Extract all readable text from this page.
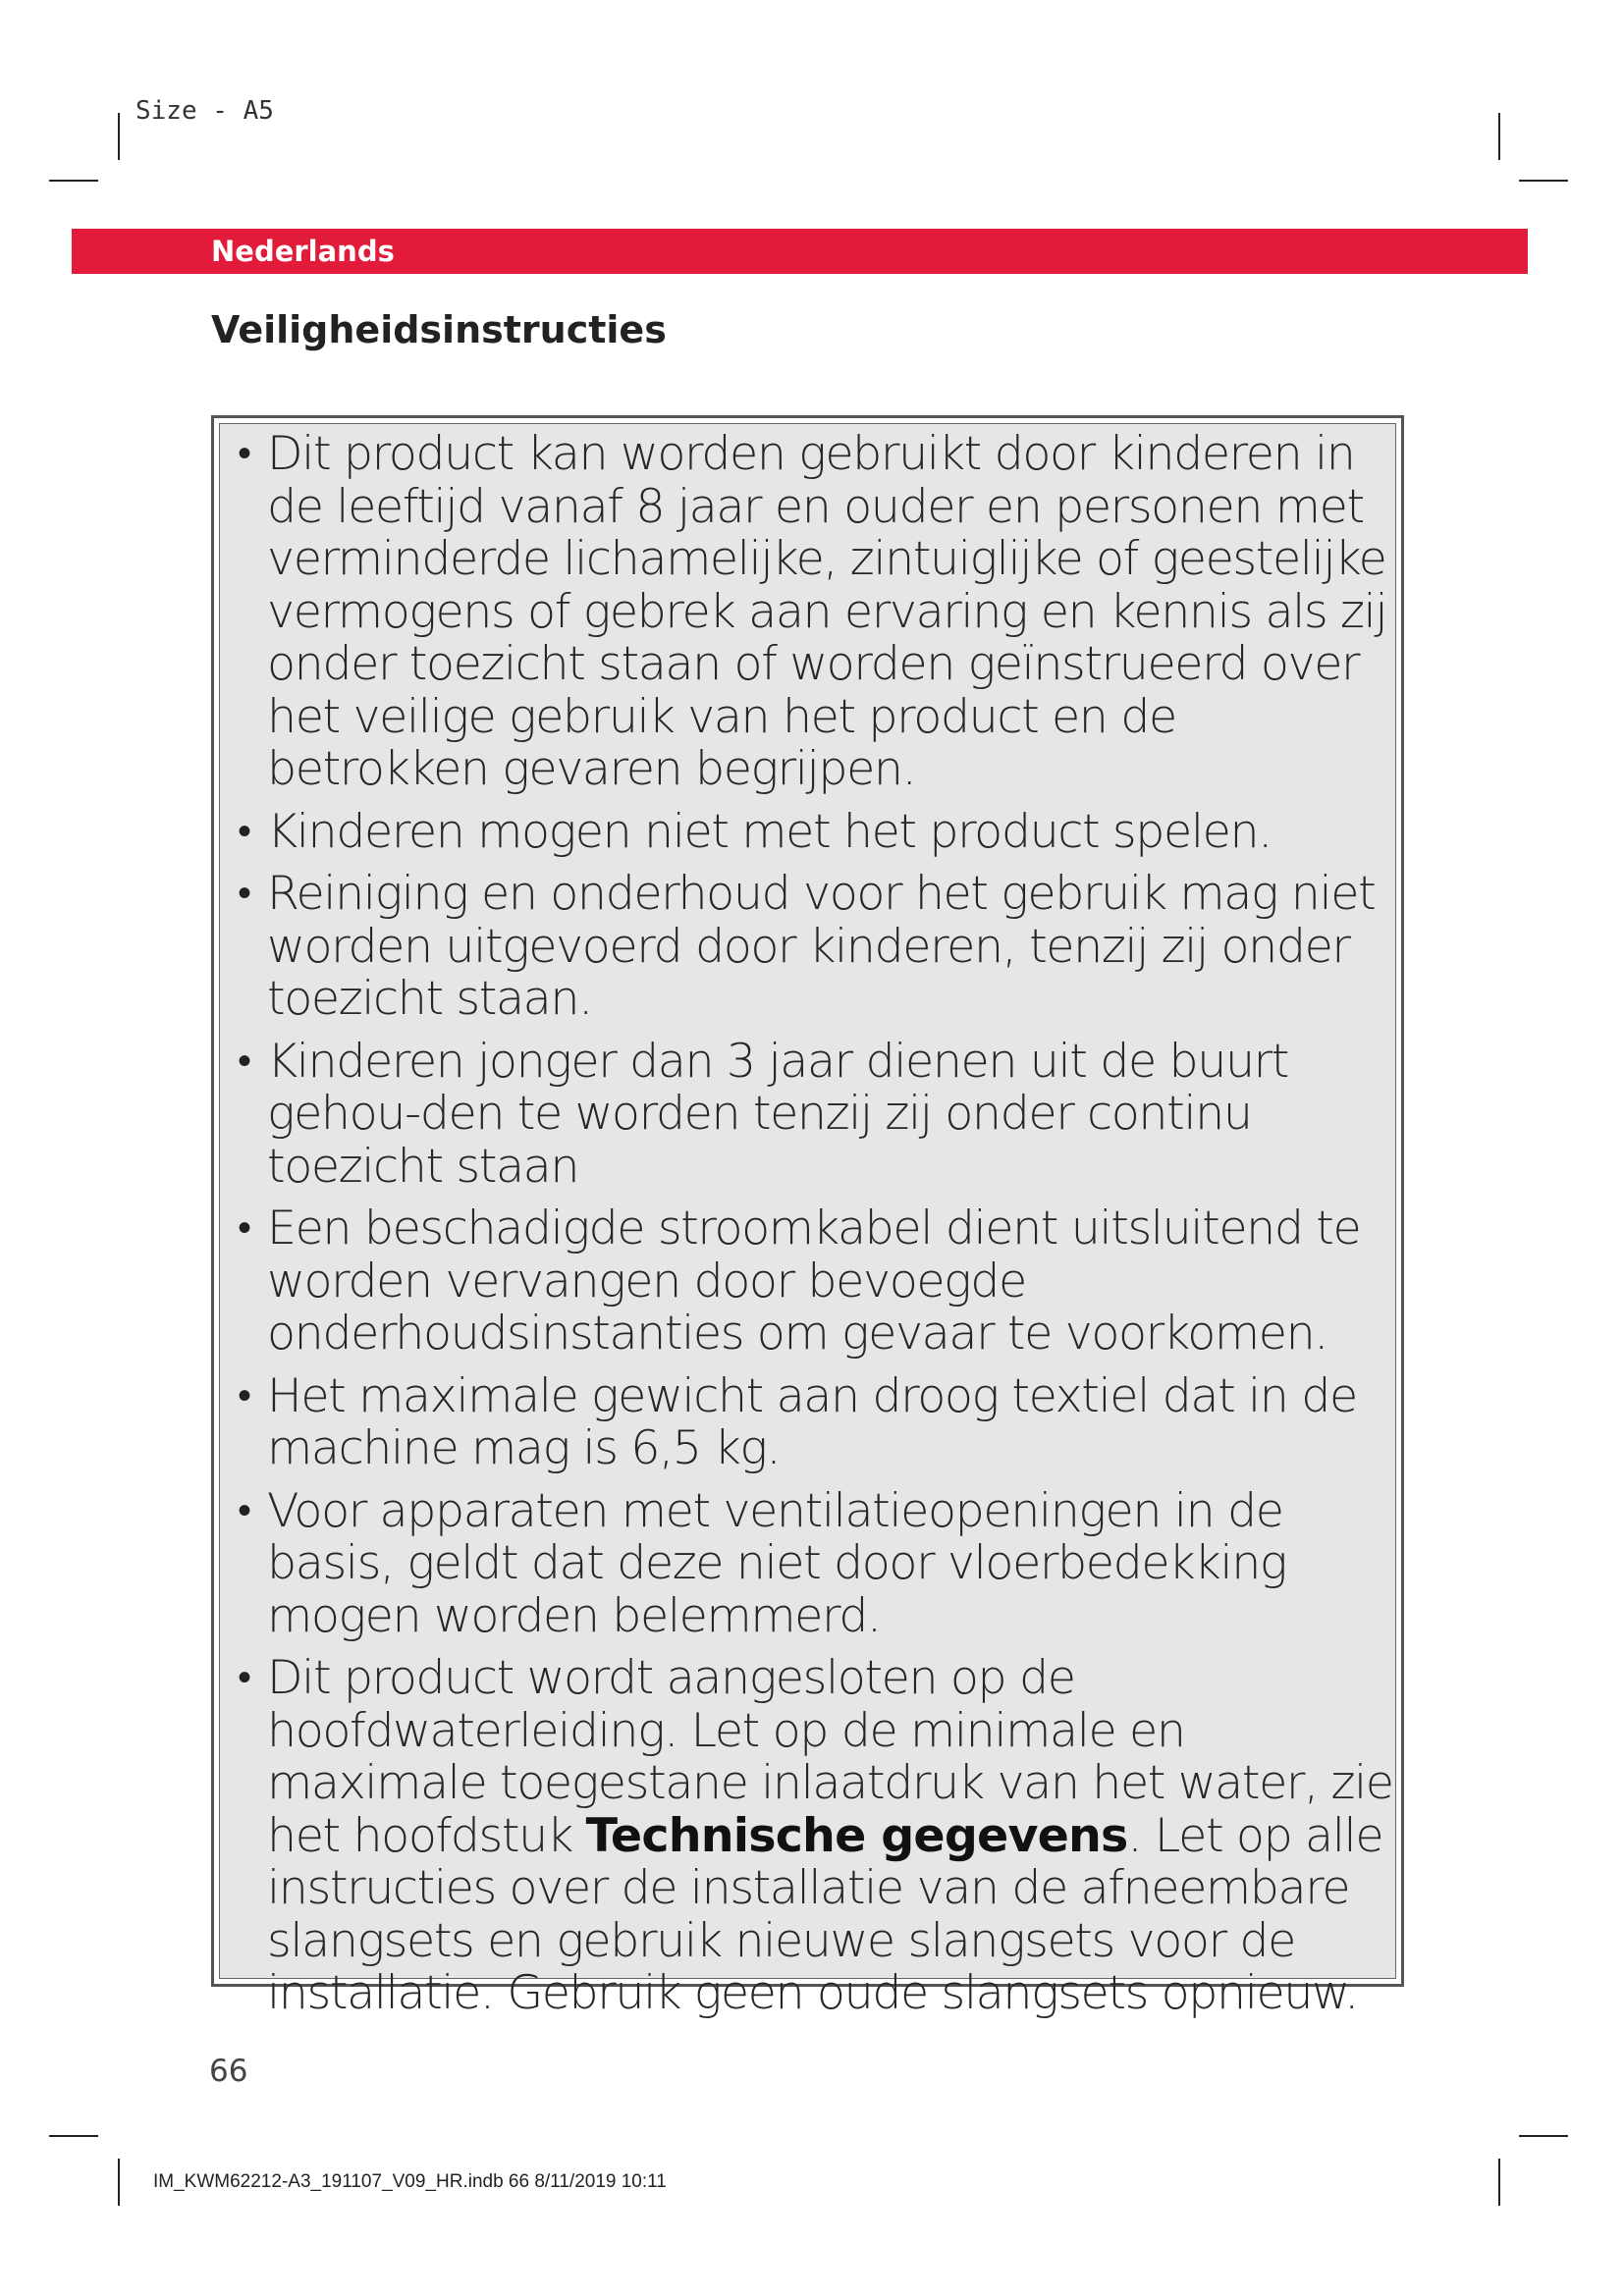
Size - A5
Nederlands
Veiligheidsinstructies
• Dit product kan worden gebruikt door kinderen in de leeftijd vanaf 8 jaar en ouder en personen met verminderde lichamelijke, zintuiglijke of geestelijke vermogens of gebrek aan ervaring en kennis als zij onder toezicht staan of worden geïnstrueerd over het veilige gebruik van het product en de betrokken gevaren begrijpen.
• Kinderen mogen niet met het product spelen.
• Reiniging en onderhoud voor het gebruik mag niet worden uitgevoerd door kinderen, tenzij zij onder toezicht staan.
• Kinderen jonger dan 3 jaar dienen uit de buurt gehou-den te worden tenzij zij onder continu toezicht staan
• Een beschadigde stroomkabel dient uitsluitend te worden vervangen door bevoegde onderhoudsinstanties om gevaar te voorkomen.
• Het maximale gewicht aan droog textiel dat in de machine mag is 6,5 kg.
• Voor apparaten met ventilatieopeningen in de basis, geldt dat deze niet door vloerbedekking mogen worden belemmerd.
• Dit product wordt aangesloten op de hoofdwaterleiding. Let op de minimale en maximale toegestane inlaatdruk van het water, zie het hoofdstuk Technische gegevens. Let op alle instructies over de installatie van de afneembare slangsets en gebruik nieuwe slangsets voor de installatie. Gebruik geen oude slangsets opnieuw.
66
IM_KWM62212-A3_191107_V09_HR.indb 66 8/11/2019 10:11
